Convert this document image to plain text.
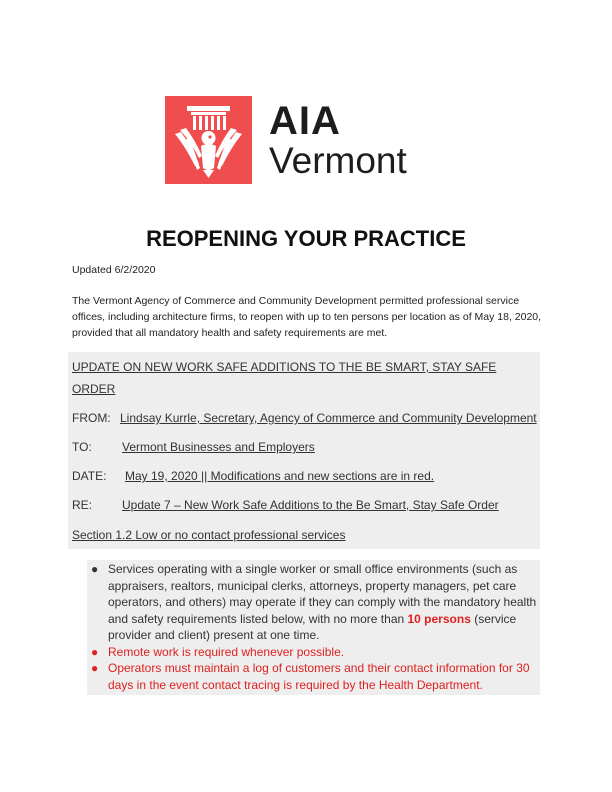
AIA
Vermont
REOPENING YOUR PRACTICE
Updated 6/2/2020
The Vermont Agency of Commerce and Community Development permitted professional service offices, including architecture firms, to reopen with up to ten persons per location as of May 18, 2020, provided that all mandatory health and safety requirements are met.
UPDATE ON NEW WORK SAFE ADDITIONS TO THE BE SMART, STAY SAFE
ORDER
FROM: Lindsay Kurrle, Secretary, Agency of Commerce and Community Development
TO:	Vermont Businesses and Employers
DATE: May 19, 2020 || Modifications and new sections are in red.
RE: Update 7 – New Work Safe Additions to the Be Smart, Stay Safe Order
Section 1.2 Low or no contact professional services
● Services operating with a single worker or small office environments (such as appraisers, realtors, municipal clerks, attorneys, property managers, pet care operators, and others) may operate if they can comply with the mandatory health and safety requirements listed below, with no more than 10 persons (service provider and client) present at one time.
● Remote work is required whenever possible.
● Operators must maintain a log of customers and their contact information for 30 days in the event contact tracing is required by the Health Department.
